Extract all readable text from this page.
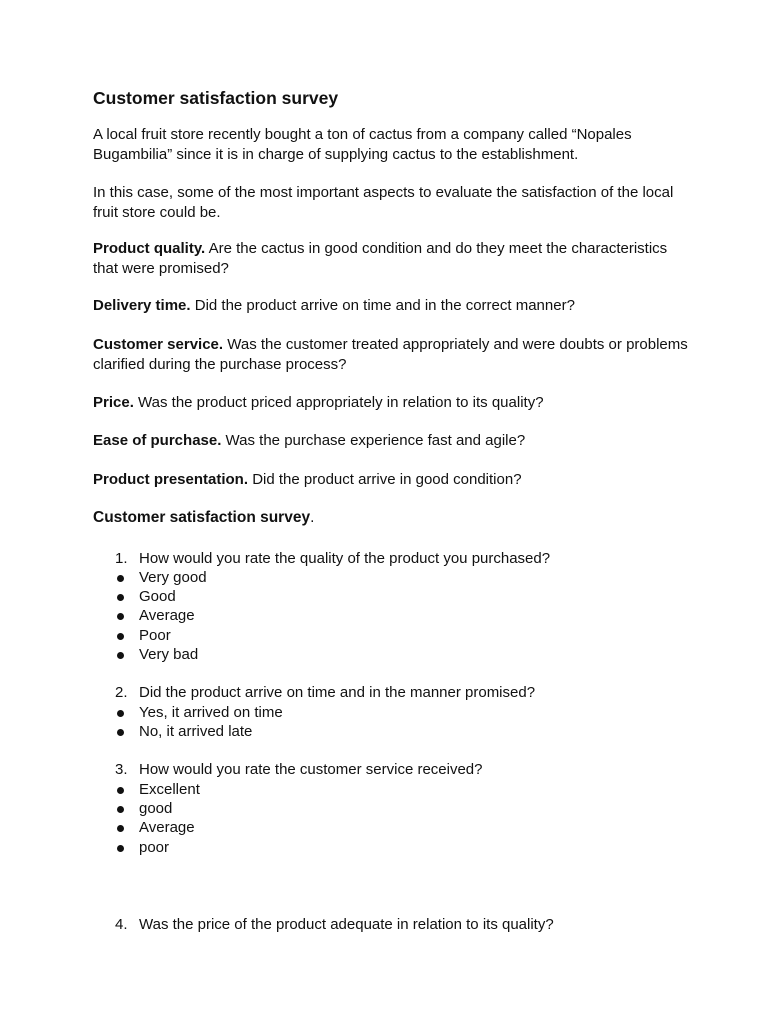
Customer satisfaction survey

A local fruit store recently bought a ton of cactus from a company called “Nopales Bugambilia” since it is in charge of supplying cactus to the establishment.

In this case, some of the most important aspects to evaluate the satisfaction of the local fruit store could be.

Product quality. Are the cactus in good condition and do they meet the characteristics that were promised?

Delivery time. Did the product arrive on time and in the correct manner?

Customer service. Was the customer treated appropriately and were doubts or problems clarified during the purchase process?

Price. Was the product priced appropriately in relation to its quality?

Ease of purchase. Was the purchase experience fast and agile?

Product presentation. Did the product arrive in good condition?

Customer satisfaction survey.

1. How would you rate the quality of the product you purchased?
Very good
Good
Average
Poor
Very bad
2. Did the product arrive on time and in the manner promised?
Yes, it arrived on time
No, it arrived late
3. How would you rate the customer service received?
Excellent
good
Average
poor
4. Was the price of the product adequate in relation to its quality?
